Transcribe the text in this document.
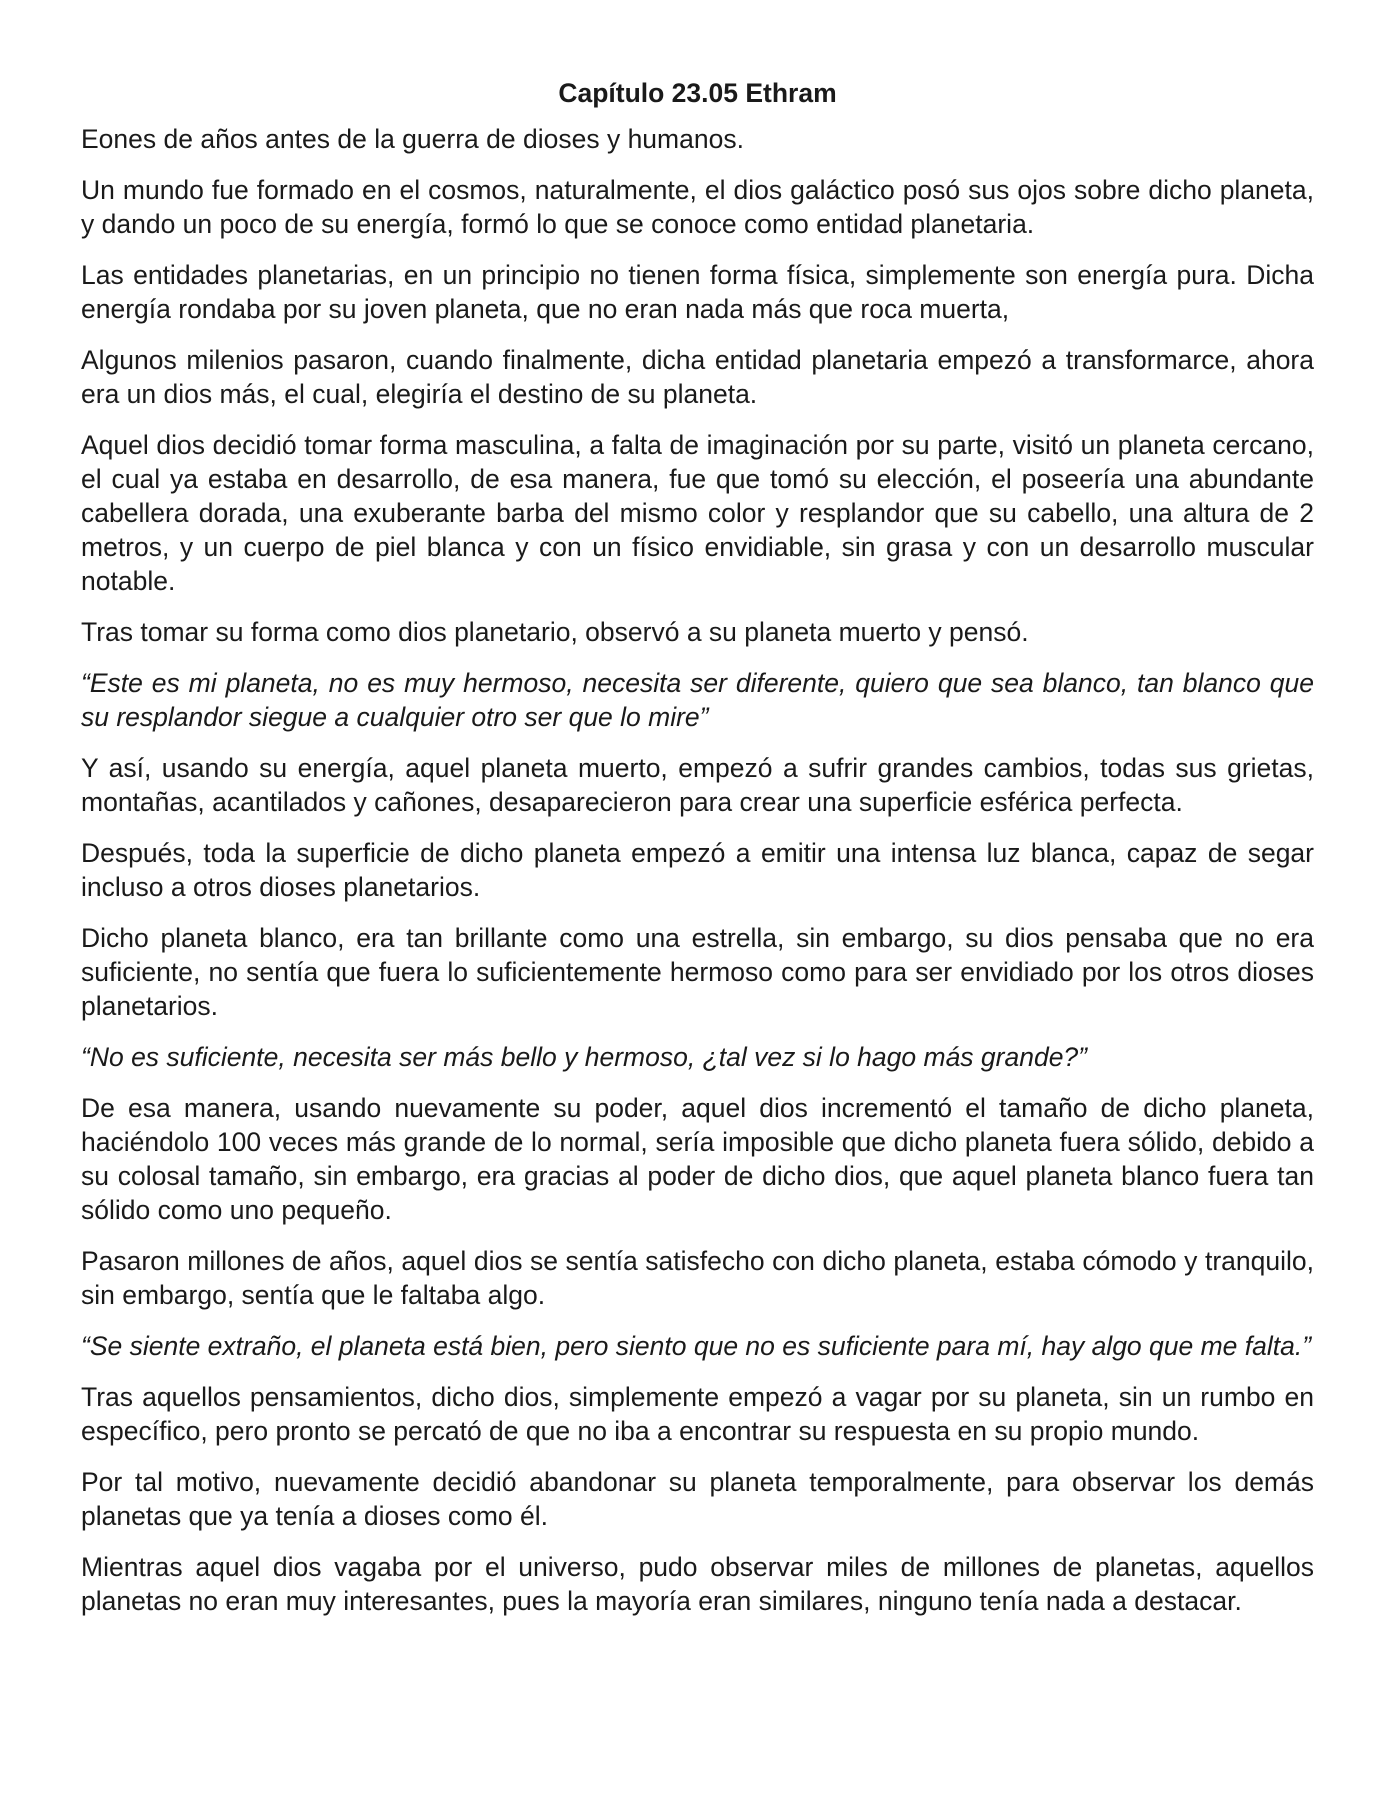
Capítulo 23.05 Ethram

Eones de años antes de la guerra de dioses y humanos.

Un mundo fue formado en el cosmos, naturalmente, el dios galáctico posó sus ojos sobre dicho planeta, y dando un poco de su energía, formó lo que se conoce como entidad planetaria.

Las entidades planetarias, en un principio no tienen forma física, simplemente son energía pura. Dicha energía rondaba por su joven planeta, que no eran nada más que roca muerta,

Algunos milenios pasaron, cuando finalmente, dicha entidad planetaria empezó a transformarce, ahora era un dios más, el cual, elegiría el destino de su planeta.

Aquel dios decidió tomar forma masculina, a falta de imaginación por su parte, visitó un planeta cercano, el cual ya estaba en desarrollo, de esa manera, fue que tomó su elección, el poseería una abundante cabellera dorada, una exuberante barba del mismo color y resplandor que su cabello, una altura de 2 metros, y un cuerpo de piel blanca y con un físico envidiable, sin grasa y con un desarrollo muscular notable.

Tras tomar su forma como dios planetario, observó a su planeta muerto y pensó.

“Este es mi planeta, no es muy hermoso, necesita ser diferente, quiero que sea blanco, tan blanco que su resplandor siegue a cualquier otro ser que lo mire”

Y así, usando su energía, aquel planeta muerto, empezó a sufrir grandes cambios, todas sus grietas, montañas, acantilados y cañones, desaparecieron para crear una superficie esférica perfecta.

Después, toda la superficie de dicho planeta empezó a emitir una intensa luz blanca, capaz de segar incluso a otros dioses planetarios.

Dicho planeta blanco, era tan brillante como una estrella, sin embargo, su dios pensaba que no era suficiente, no sentía que fuera lo suficientemente hermoso como para ser envidiado por los otros dioses planetarios.

“No es suficiente, necesita ser más bello y hermoso, ¿tal vez si lo hago más grande?”

De esa manera, usando nuevamente su poder, aquel dios incrementó el tamaño de dicho planeta, haciéndolo 100 veces más grande de lo normal, sería imposible que dicho planeta fuera sólido, debido a su colosal tamaño, sin embargo, era gracias al poder de dicho dios, que aquel planeta blanco fuera tan sólido como uno pequeño.

Pasaron millones de años, aquel dios se sentía satisfecho con dicho planeta, estaba cómodo y tranquilo, sin embargo, sentía que le faltaba algo.

“Se siente extraño, el planeta está bien, pero siento que no es suficiente para mí, hay algo que me falta.”

Tras aquellos pensamientos, dicho dios, simplemente empezó a vagar por su planeta, sin un rumbo en específico, pero pronto se percató de que no iba a encontrar su respuesta en su propio mundo.

Por tal motivo, nuevamente decidió abandonar su planeta temporalmente, para observar los demás planetas que ya tenía a dioses como él.

Mientras aquel dios vagaba por el universo, pudo observar miles de millones de planetas, aquellos planetas no eran muy interesantes, pues la mayoría eran similares, ninguno tenía nada a destacar.
